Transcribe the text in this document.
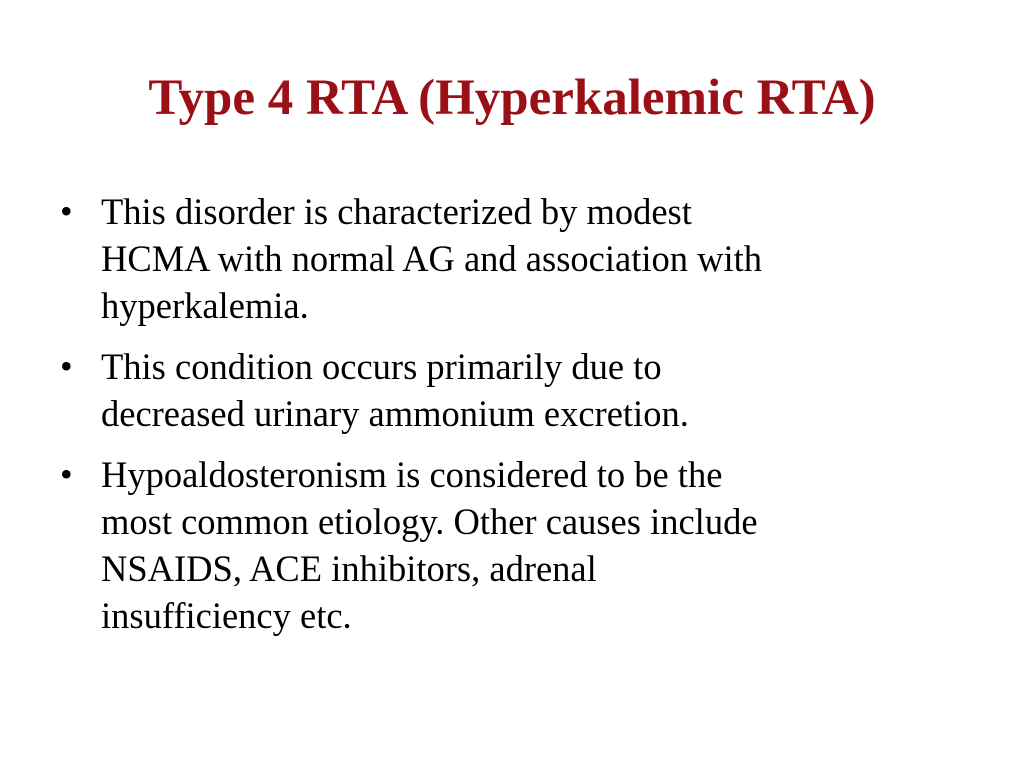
Type 4 RTA (Hyperkalemic RTA)
• This disorder is characterized by modest
HCMA with normal AG and association with
hyperkalemia.
• This condition occurs primarily due to
decreased urinary ammonium excretion.
• Hypoaldosteronism is considered to be the
most common etiology. Other causes include
NSAIDS, ACE inhibitors, adrenal
insufficiency etc.
